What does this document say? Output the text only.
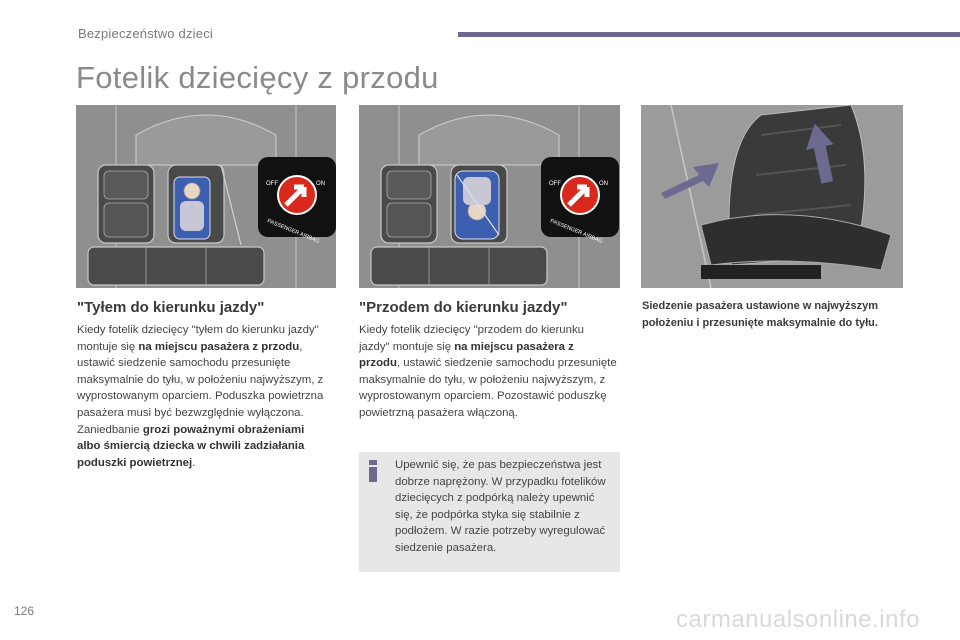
Bezpieczeństwo dzieci
Fotelik dziecięcy z przodu
OFF	ON
PASSENGER AIRBAG
OFF	ON
PASSENGER AIRBAG
"Tyłem do kierunku jazdy"
Kiedy fotelik dziecięcy "tyłem do kierunku jazdy" montuje się na miejscu pasażera z przodu, ustawić siedzenie samochodu przesunięte maksymalnie do tyłu, w położeniu najwyższym, z wyprostowanym oparciem. Poduszka powietrzna pasażera musi być bezwzględnie wyłączona. Zaniedbanie grozi poważnymi obrażeniami albo śmiercią dziecka w chwili zadziałania poduszki powietrznej.
"Przodem do kierunku jazdy"
Kiedy fotelik dziecięcy "przodem do kierunku jazdy" montuje się na miejscu pasażera z przodu, ustawić siedzenie samochodu przesunięte maksymalnie do tyłu, w położeniu najwyższym, z wyprostowanym oparciem. Pozostawić poduszkę powietrzną pasażera włączoną.
Siedzenie pasażera ustawione w najwyższym położeniu i przesunięte maksymalnie do tyłu.
Upewnić się, że pas bezpieczeństwa jest dobrze naprężony. W przypadku fotelików dziecięcych z podpórką należy upewnić się, że podpórka styka się stabilnie z podłożem. W razie potrzeby wyregulować siedzenie pasażera.
126	carmanualsonline.info
